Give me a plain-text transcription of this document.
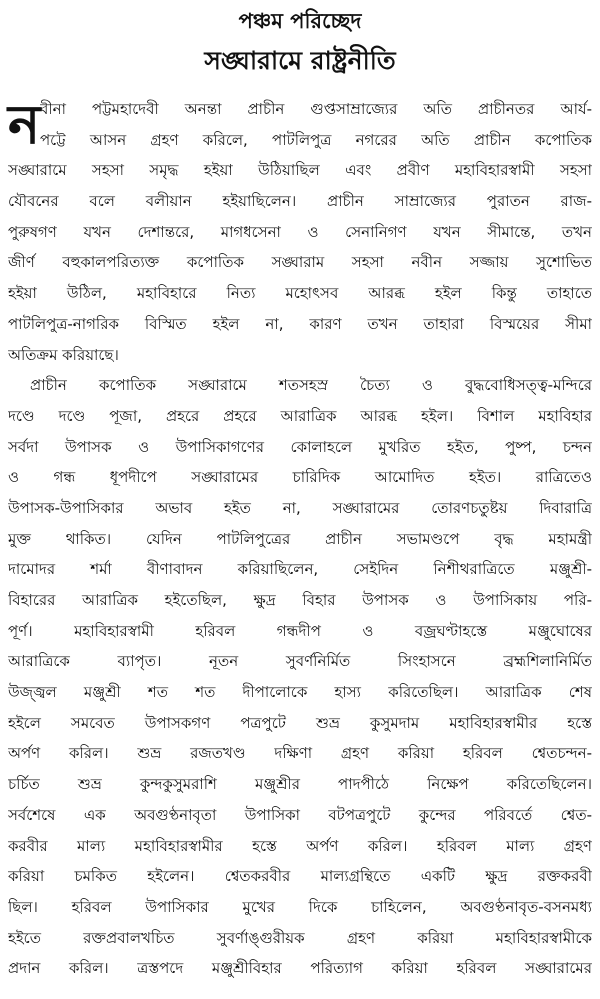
পঞ্চম পরিচ্ছেদ
সঙ্ঘারামে রাষ্ট্রনীতি
ন বীনা পট্টমহাদেবী অনন্তা প্রাচীন গুপ্তসাম্রাজ্যের অতি প্রাচীনতর আর্য-
পট্টে আসন গ্রহণ করিলে, পাটলিপুত্র নগরের অতি প্রাচীন কপোতিক
সঙ্ঘারামে সহসা সমৃদ্ধ হইয়া উঠিয়াছিল এবং প্রবীণ মহাবিহারস্বামী সহসা
যৌবনের বলে বলীয়ান হইয়াছিলেন। প্রাচীন সাম্রাজ্যের পুরাতন রাজ-
পুরুষগণ যখন দেশান্তরে, মাগধসেনা ও সেনানিগণ যখন সীমান্তে, তখন
জীর্ণ বহুকালপরিত্যক্ত কপোতিক সঙ্ঘারাম সহসা নবীন সজ্জায় সুশোভিত
হইয়া উঠিল, মহাবিহারে নিত্য মহোৎসব আরব্ধ হইল কিন্তু তাহাতে
পাটলিপুত্র-নাগরিক বিস্মিত হইল না, কারণ তখন তাহারা বিস্ময়ের সীমা
অতিক্রম করিয়াছে।
প্রাচীন কপোতিক সঙ্ঘারামে শতসহস্র চৈত্য ও বুদ্ধবোধিসত্ত্ব-মন্দিরে
দণ্ডে দণ্ডে পূজা, প্রহরে প্রহরে আরাত্রিক আরব্ধ হইল। বিশাল মহাবিহার
সর্বদা উপাসক ও উপাসিকাগণের কোলাহলে মুখরিত হইত, পুষ্প, চন্দন
ও গন্ধ ধূপদীপে সঙ্ঘারামের চারিদিক আমোদিত হইত। রাত্রিতেও
উপাসক-উপাসিকার অভাব হইত না, সঙ্ঘারামের তোরণচতুষ্টয় দিবারাত্রি
মুক্ত থাকিত। যেদিন পাটলিপুত্রের প্রাচীন সভামণ্ডপে বৃদ্ধ মহামন্ত্রী
দামোদর শর্মা বীণাবাদন করিয়াছিলেন, সেইদিন নিশীথরাত্রিতে মঞ্জুশ্রী-
বিহারের আরাত্রিক হইতেছিল, ক্ষুদ্র বিহার উপাসক ও উপাসিকায় পরি-
পূর্ণ। মহাবিহারস্বামী হরিবল গন্ধদীপ ও বজ্রঘণ্টাহস্তে মঞ্জুঘোষের
আরাত্রিকে ব্যাপৃত। নূতন সুবর্ণনির্মিত সিংহাসনে ব্রহ্মশিলানির্মিত
উজ্জ্বল মঞ্জুশ্রী শত শত দীপালোকে হাস্য করিতেছিল। আরাত্রিক শেষ
হইলে সমবেত উপাসকগণ পত্রপুটে শুভ্র কুসুমদাম মহাবিহারস্বামীর হস্তে
অর্পণ করিল। শুভ্র রজতখণ্ড দক্ষিণা গ্রহণ করিয়া হরিবল শ্বেতচন্দন-
চর্চিত শুভ্র কুন্দকুসুমরাশি মঞ্জুশ্রীর পাদপীঠে নিক্ষেপ করিতেছিলেন।
সর্বশেষে এক অবগুণ্ঠনাবৃতা উপাসিকা বটপত্রপুটে কুন্দের পরিবর্তে শ্বেত-
করবীর মাল্য মহাবিহারস্বামীর হস্তে অর্পণ করিল। হরিবল মাল্য গ্রহণ
করিয়া চমকিত হইলেন। শ্বেতকরবীর মাল্যগ্রন্থিতে একটি ক্ষুদ্র রক্তকরবী
ছিল। হরিবল উপাসিকার মুখের দিকে চাহিলেন, অবগুণ্ঠনাবৃত-বসনমধ্য
হইতে রক্তপ্রবালখচিত সুবর্ণাঙ্গুরীয়ক গ্রহণ করিয়া মহাবিহারস্বামীকে
প্রদান করিল। ত্রস্তপদে মঞ্জুশ্রীবিহার পরিত্যাগ করিয়া হরিবল সঙ্ঘারামের
